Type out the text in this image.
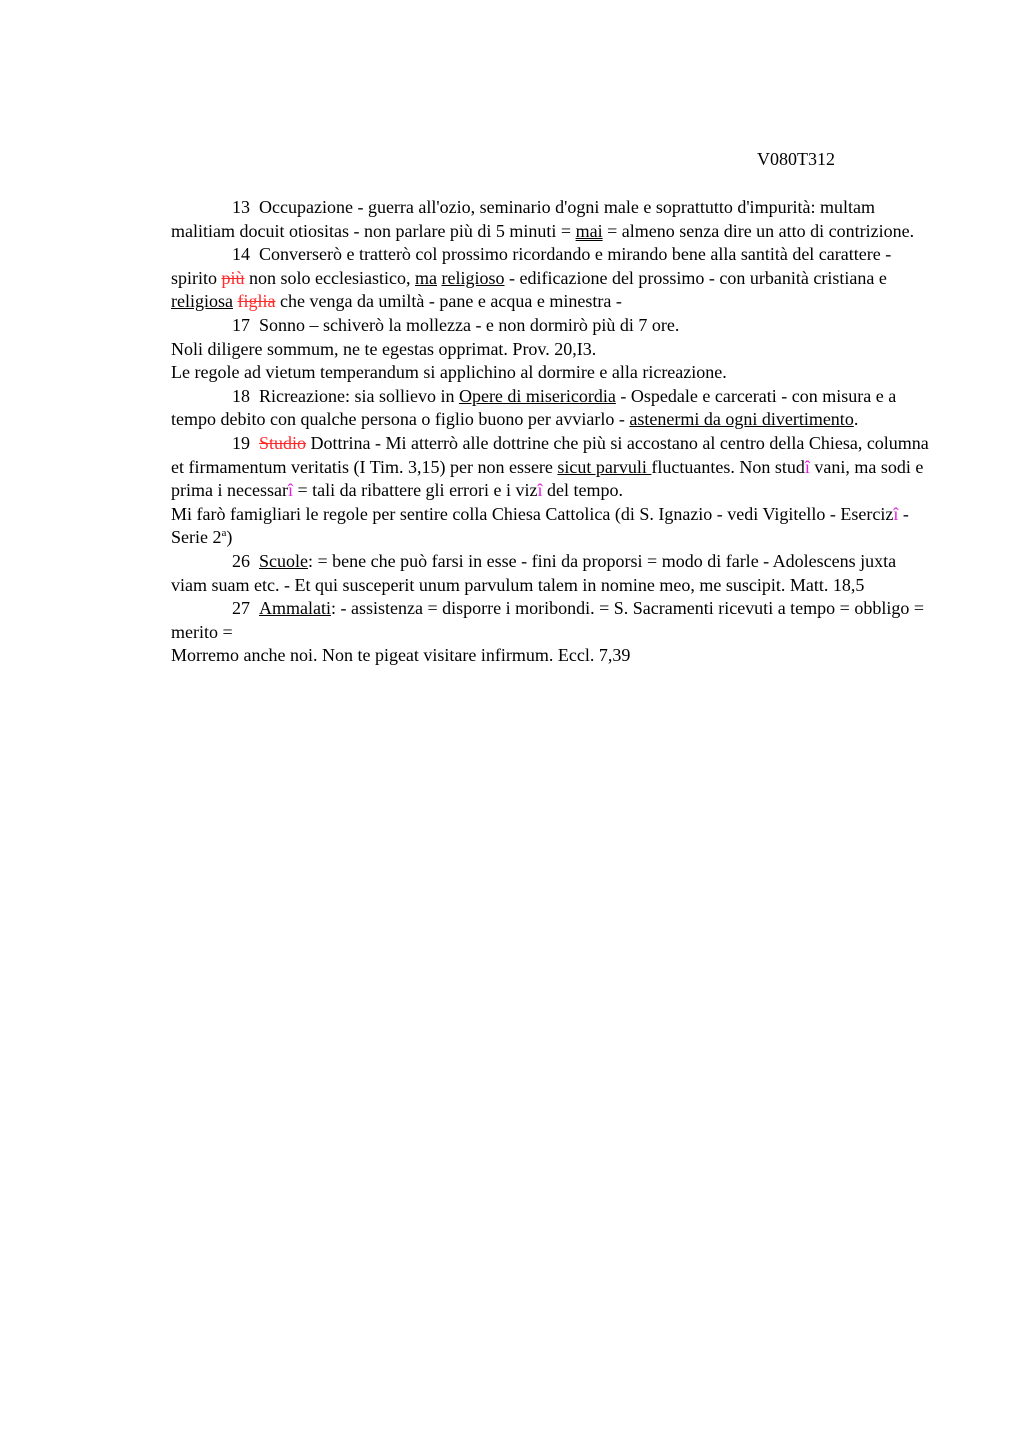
V080T312

13 Occupazione - guerra all'ozio, seminario d'ogni male e soprattutto d'impurità: multam malitiam docuit otiositas - non parlare più di 5 minuti = mai = almeno senza dire un atto di contrizione.

14 Converserò e tratterò col prossimo ricordando e mirando bene alla santità del carattere - spirito più non solo ecclesiastico, ma religioso - edificazione del prossimo - con urbanità cristiana e religiosa figlia che venga da umiltà - pane e acqua e minestra -

17 Sonno – schiverò la mollezza - e non dormirò più di 7 ore.

Noli diligere sommum, ne te egestas opprimat. Prov. 20,I3.

Le regole ad vietum temperandum si applichino al dormire e alla ricreazione.

18 Ricreazione: sia sollievo in Opere di misericordia - Ospedale e carcerati - con misura e a tempo debito con qualche persona o figlio buono per avviarlo - astenermi da ogni divertimento.

19 Studio Dottrina - Mi atterrò alle dottrine che più si accostano al centro della Chiesa, columna et firmamentum veritatis (I Tim. 3,15) per non essere sicut parvuli fluctuantes. Non studî vani, ma sodi e prima i necessarî = tali da ribattere gli errori e i vizî del tempo.

Mi farò famigliari le regole per sentire colla Chiesa Cattolica (di S. Ignazio - vedi Vigitello - Esercizî - Serie 2$^a$)

26 Scuole: = bene che può farsi in esse - fini da proporsi = modo di farle - Adolescens juxta viam suam etc. - Et qui susceperit unum parvulum talem in nomine meo, me suscipit. Matt. 18,5

27 Ammalati: - assistenza = disporre i moribondi. = S. Sacramenti ricevuti a tempo = obbligo = merito =

Morremo anche noi. Non te pigeat visitare infirmum. Eccl. 7,39
